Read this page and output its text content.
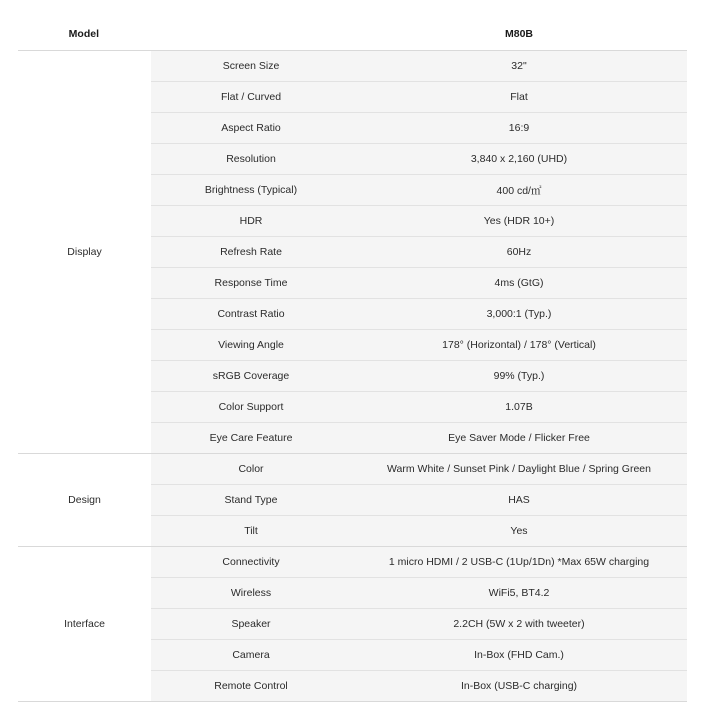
Model		M80B
Display	Screen Size	32"
	Flat / Curved	Flat
	Aspect Ratio	16:9
	Resolution	3,840 x 2,160 (UHD)
	Brightness (Typical)	400 cd/㎡
	HDR	Yes (HDR 10+)
	Refresh Rate	60Hz
	Response Time	4ms (GtG)
	Contrast Ratio	3,000:1 (Typ.)
	Viewing Angle	178° (Horizontal) / 178° (Vertical)
	sRGB Coverage	99% (Typ.)
	Color Support	1.07B
	Eye Care Feature	Eye Saver Mode / Flicker Free
Design	Color	Warm White / Sunset Pink / Daylight Blue / Spring Green
	Stand Type	HAS
	Tilt	Yes
Interface	Connectivity	1 micro HDMI / 2 USB-C (1Up/1Dn) *Max 65W charging
	Wireless	WiFi5, BT4.2
	Speaker	2.2CH (5W x 2 with tweeter)
	Camera	In-Box (FHD Cam.)
	Remote Control	In-Box (USB-C charging)
